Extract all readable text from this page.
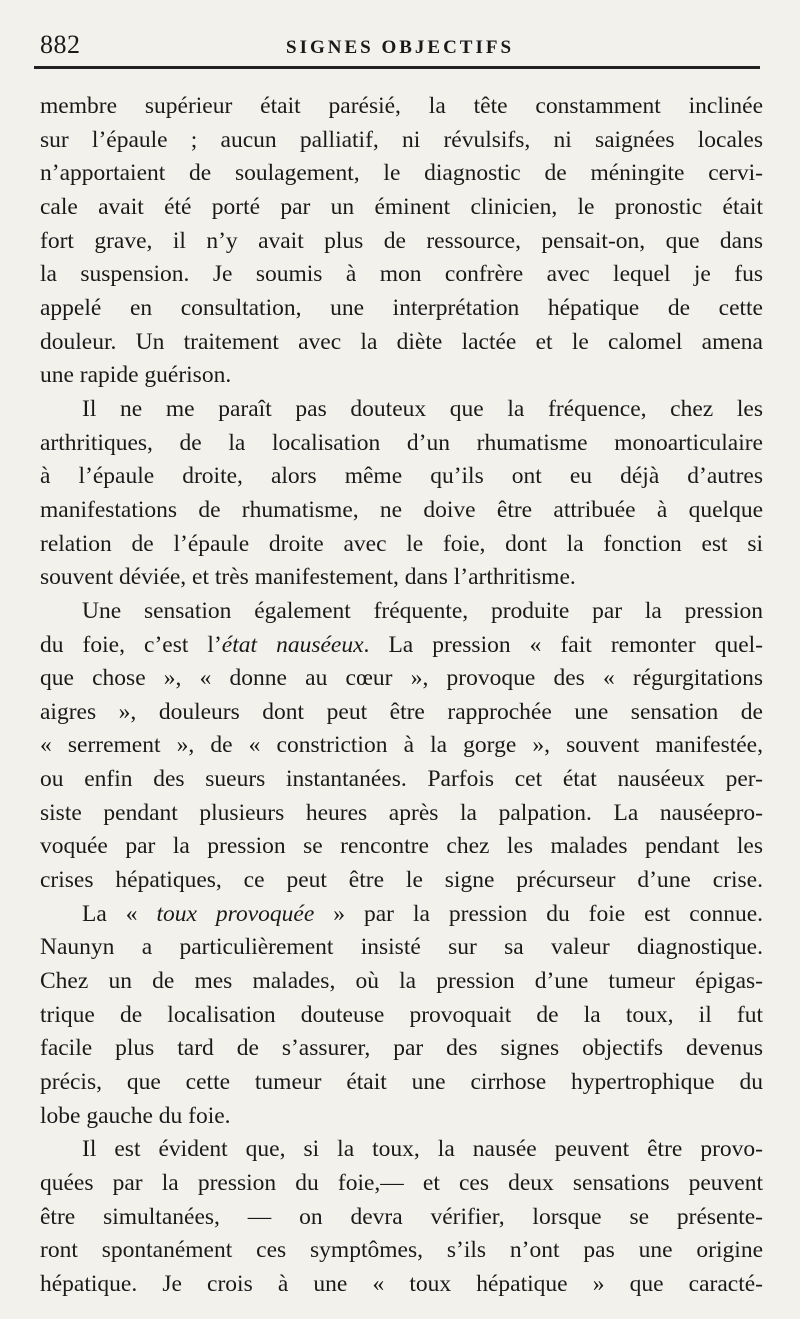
882	SIGNES OBJECTIFS
membre supérieur était parésié, la tête constamment inclinée
sur l’épaule ; aucun palliatif, ni révulsifs, ni saignées locales
n’apportaient de soulagement, le diagnostic de méningite cervi-
cale avait été porté par un éminent clinicien, le pronostic était
fort grave, il n’y avait plus de ressource, pensait-on, que dans
la suspension. Je soumis à mon confrère avec lequel je fus
appelé en consultation, une interprétation hépatique de cette
douleur. Un traitement avec la diète lactée et le calomel amena
une rapide guérison.
Il ne me paraît pas douteux que la fréquence, chez les
arthritiques, de la localisation d’un rhumatisme monoarticulaire
à l’épaule droite, alors même qu’ils ont eu déjà d’autres
manifestations de rhumatisme, ne doive être attribuée à quelque
relation de l’épaule droite avec le foie, dont la fonction est si
souvent déviée, et très manifestement, dans l’arthritisme.
Une sensation également fréquente, produite par la pression
du foie, c’est l’état nauséeux. La pression « fait remonter quel-
que chose », « donne au cœur », provoque des « régurgitations
aigres », douleurs dont peut être rapprochée une sensation de
« serrement », de « constriction à la gorge », souvent manifestée,
ou enfin des sueurs instantanées. Parfois cet état nauséeux per-
siste pendant plusieurs heures après la palpation. La nauséepro-
voquée par la pression se rencontre chez les malades pendant les
crises hépatiques, ce peut être le signe précurseur d’une crise.
La « toux provoquée » par la pression du foie est connue.
Naunyn a particulièrement insisté sur sa valeur diagnostique.
Chez un de mes malades, où la pression d’une tumeur épigas-
trique de localisation douteuse provoquait de la toux, il fut
facile plus tard de s’assurer, par des signes objectifs devenus
précis, que cette tumeur était une cirrhose hypertrophique du
lobe gauche du foie.
Il est évident que, si la toux, la nausée peuvent être provo-
quées par la pression du foie,— et ces deux sensations peuvent
être simultanées, — on devra vérifier, lorsque se présente-
ront spontanément ces symptômes, s’ils n’ont pas une origine
hépatique. Je crois à une « toux hépatique » que caracté-
